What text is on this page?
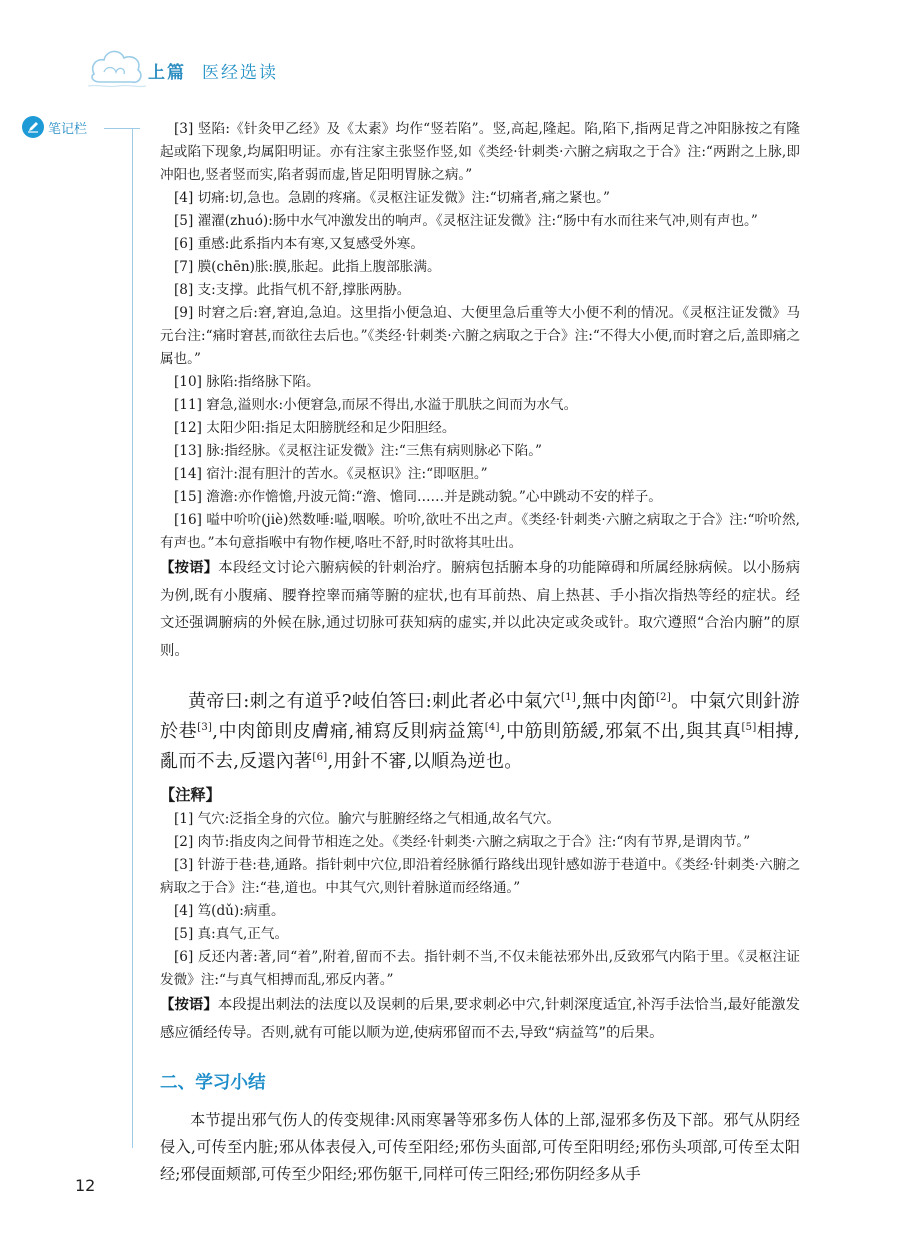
上篇 医经选读
笔记栏	[3] 竖陷:《针灸甲乙经》及《太素》均作“竖若陷”。竖,高起,隆起。陷,陷下,指两足背之冲阳脉按之有隆起或陷下现象,均属阳明证。亦有注家主张竖作竖,如《类经·针刺类·六腑之病取之于合》注:“两跗之上脉,即冲阳也,竖者竖而实,陷者弱而虚,皆足阳明胃脉之病。”

[4] 切痛:切,急也。急剧的疼痛。《灵枢注证发微》注:“切痛者,痛之紧也。”

[5] 濯濯(zhuó):肠中水气冲激发出的响声。《灵枢注证发微》注:“肠中有水而往来气冲,则有声也。”

[6] 重感:此系指内本有寒,又复感受外寒。

[7] 膜(chēn)胀:膜,胀起。此指上腹部胀满。

[8] 支:支撑。此指气机不舒,撑胀两胁。

[9] 时窘之后:窘,窘迫,急迫。这里指小便急迫、大便里急后重等大小便不利的情况。《灵枢注证发微》马元台注:“痛时窘甚,而欲往去后也。”《类经·针刺类·六腑之病取之于合》注:“不得大小便,而时窘之后,盖即痛之属也。”

[10] 脉陷:指络脉下陷。

[11] 窘急,溢则水:小便窘急,而尿不得出,水溢于肌肤之间而为水气。

[12] 太阳少阳:指足太阳膀胱经和足少阳胆经。

[13] 脉:指经脉。《灵枢注证发微》注:“三焦有病则脉必下陷。”

[14] 宿汁:混有胆汁的苦水。《灵枢识》注:“即呕胆。”

[15] 澹澹:亦作憺憺,丹波元简:“澹、憺同……并是跳动貌。”心中跳动不安的样子。

[16] 嗌中吤吤(jiè)然数唾:嗌,咽喉。吤吤,欲吐不出之声。《类经·针刺类·六腑之病取之于合》注:“吤吤然,有声也。”本句意指喉中有物作梗,咯吐不舒,时时欲将其吐出。

【按语】本段经文讨论六腑病候的针刺治疗。腑病包括腑本身的功能障碍和所属经脉病候。以小肠病为例,既有小腹痛、腰脊控睾而痛等腑的症状,也有耳前热、肩上热甚、手小指次指热等经的症状。经文还强调腑病的外候在脉,通过切脉可获知病的虚实,并以此决定或灸或针。取穴遵照“合治内腑”的原则。

黄帝曰:刺之有道乎?岐伯答曰:刺此者必中氣穴[1],無中肉節[2]。中氣穴則針游於巷[3],中肉節則皮膚痛,補寫反則病益篤[4],中筋則筋緩,邪氣不出,與其真[5]相搏,亂而不去,反還內著[6],用針不審,以順為逆也。

【注释】

[1] 气穴:泛指全身的穴位。腧穴与脏腑经络之气相通,故名气穴。

[2] 肉节:指皮肉之间骨节相连之处。《类经·针刺类·六腑之病取之于合》注:“肉有节界,是谓肉节。”

[3] 针游于巷:巷,通路。指针刺中穴位,即沿着经脉循行路线出现针感如游于巷道中。《类经·针刺类·六腑之病取之于合》注:“巷,道也。中其气穴,则针着脉道而经络通。”

[4] 笃(dǔ):病重。

[5] 真:真气,正气。

[6] 反还内著:著,同“着”,附着,留而不去。指针刺不当,不仅未能祛邪外出,反致邪气内陷于里。《灵枢注证发微》注:“与真气相搏而乱,邪反内著。”

【按语】本段提出刺法的法度以及误刺的后果,要求刺必中穴,针刺深度适宜,补泻手法恰当,最好能激发感应循经传导。否则,就有可能以顺为逆,使病邪留而不去,导致“病益笃”的后果。

二、学习小结

本节提出邪气伤人的传变规律:风雨寒暑等邪多伤人体的上部,湿邪多伤及下部。邪气从阴经侵入,可传至内脏;邪从体表侵入,可传至阳经;邪伤头面部,可传至阳明经;邪伤头项部,可传至太阳经;邪侵面颊部,可传至少阳经;邪伤躯干,同样可传三阳经;邪伤阴经多从手

12
